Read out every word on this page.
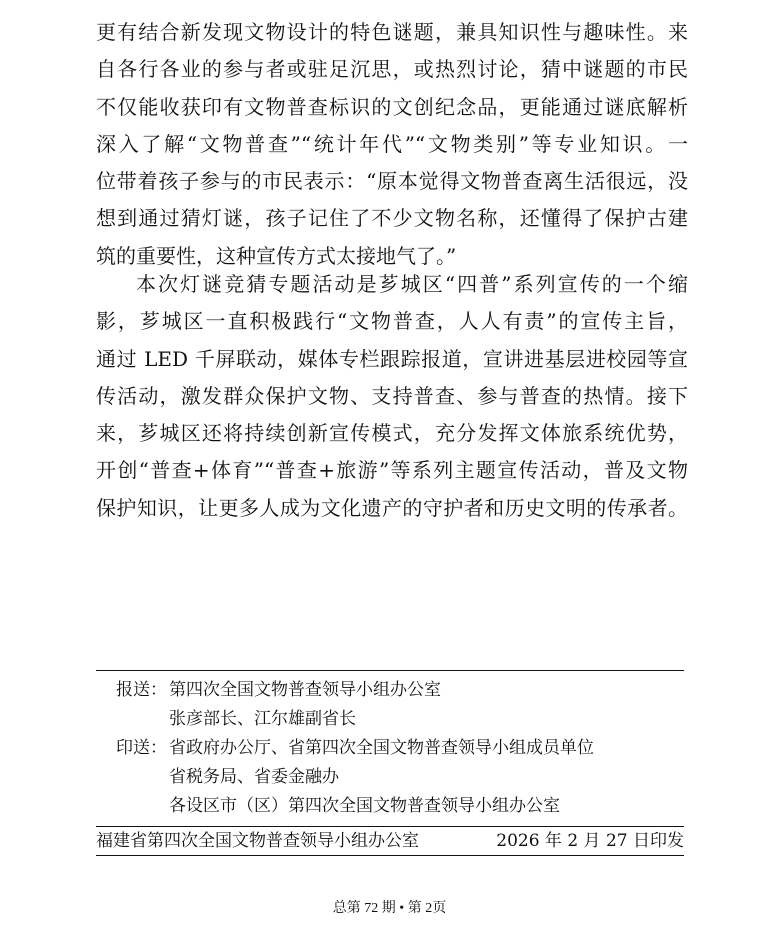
更有结合新发现文物设计的特色谜题，兼具知识性与趣味性。来
自各行各业的参与者或驻足沉思，或热烈讨论，猜中谜题的市民
不仅能收获印有文物普查标识的文创纪念品，更能通过谜底解析
深入了解“文物普查”“统计年代”“文物类别”等专业知识。一
位带着孩子参与的市民表示：“原本觉得文物普查离生活很远，没
想到通过猜灯谜，孩子记住了不少文物名称，还懂得了保护古建
筑的重要性，这种宣传方式太接地气了。”
本次灯谜竞猜专题活动是芗城区“四普”系列宣传的一个缩
影，芗城区一直积极践行“文物普查，人人有责”的宣传主旨，
通过 LED 千屏联动，媒体专栏跟踪报道，宣讲进基层进校园等宣
传活动，激发群众保护文物、支持普查、参与普查的热情。接下
来，芗城区还将持续创新宣传模式，充分发挥文体旅系统优势，
开创“普查+体育”“普查+旅游”等系列主题宣传活动，普及文物
保护知识，让更多人成为文化遗产的守护者和历史文明的传承者。
报送： 第四次全国文物普查领导小组办公室
张彦部长、江尔雄副省长
印送： 省政府办公厅、省第四次全国文物普查领导小组成员单位
省税务局、省委金融办
各设区市（区）第四次全国文物普查领导小组办公室
福建省第四次全国文物普查领导小组办公室	2026 年 2 月 27 日印发
总第 72 期 • 第 2页
